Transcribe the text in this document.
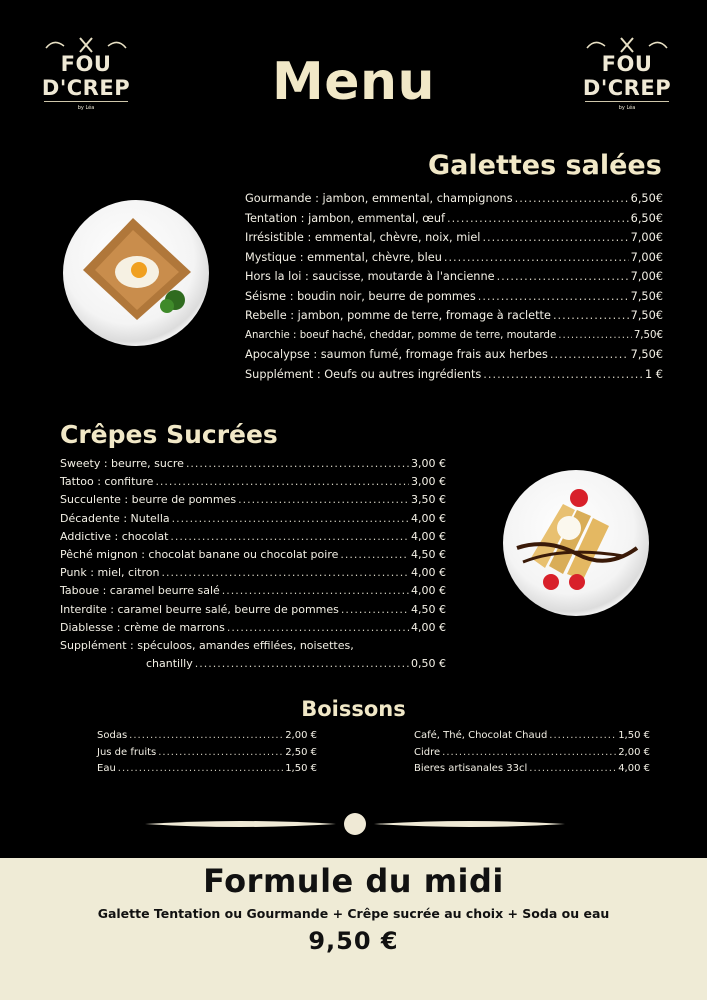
FOU D'CREP
by Léa
FOU D'CREP
by Léa
Menu
Galettes salées
Gourmande : jambon, emmental, champignons .....	6,50€
Tentation : jambon, emmental, œuf .....	6,50€
Irrésistible : emmental, chèvre, noix, miel .....	7,00€
Mystique : emmental, chèvre, bleu .....	7,00€
Hors la loi : saucisse, moutarde à l'ancienne .....	7,00€
Séisme : boudin noir, beurre de pommes .....	7,50€
Rebelle : jambon, pomme de terre, fromage à raclette .....	7,50€
Anarchie : boeuf haché, cheddar, pomme de terre, moutarde .....	7,50€
Apocalypse : saumon fumé, fromage frais aux herbes .....	7,50€
Supplément : Oeufs ou autres ingrédients .....	1 €
Crêpes Sucrées
Sweety : beurre, sucre .....	3,00 €
Tattoo : confiture .....	3,00 €
Succulente : beurre de pommes .....	3,50 €
Décadente : Nutella .....	4,00 €
Addictive : chocolat .....	4,00 €
Pêché mignon : chocolat banane ou chocolat poire .....	4,50 €
Punk : miel, citron .....	4,00 €
Taboue : caramel beurre salé .....	4,00 €
Interdite : caramel beurre salé, beurre de pommes .....	4,50 €
Diablesse : crème de marrons .....	4,00 €
Supplément : spéculoos, amandes effilées, noisettes,
chantilly .....	0,50 €
Boissons
Sodas .....	2,00 €
Jus de fruits .....	2,50 €
Eau .....	1,50 €
Café, Thé, Chocolat Chaud .....	1,50 €
Cidre .....	2,00 €
Bieres artisanales 33cl .....	4,00 €
Formule du midi
Galette Tentation ou Gourmande + Crêpe sucrée au choix + Soda ou eau
9,50 €
